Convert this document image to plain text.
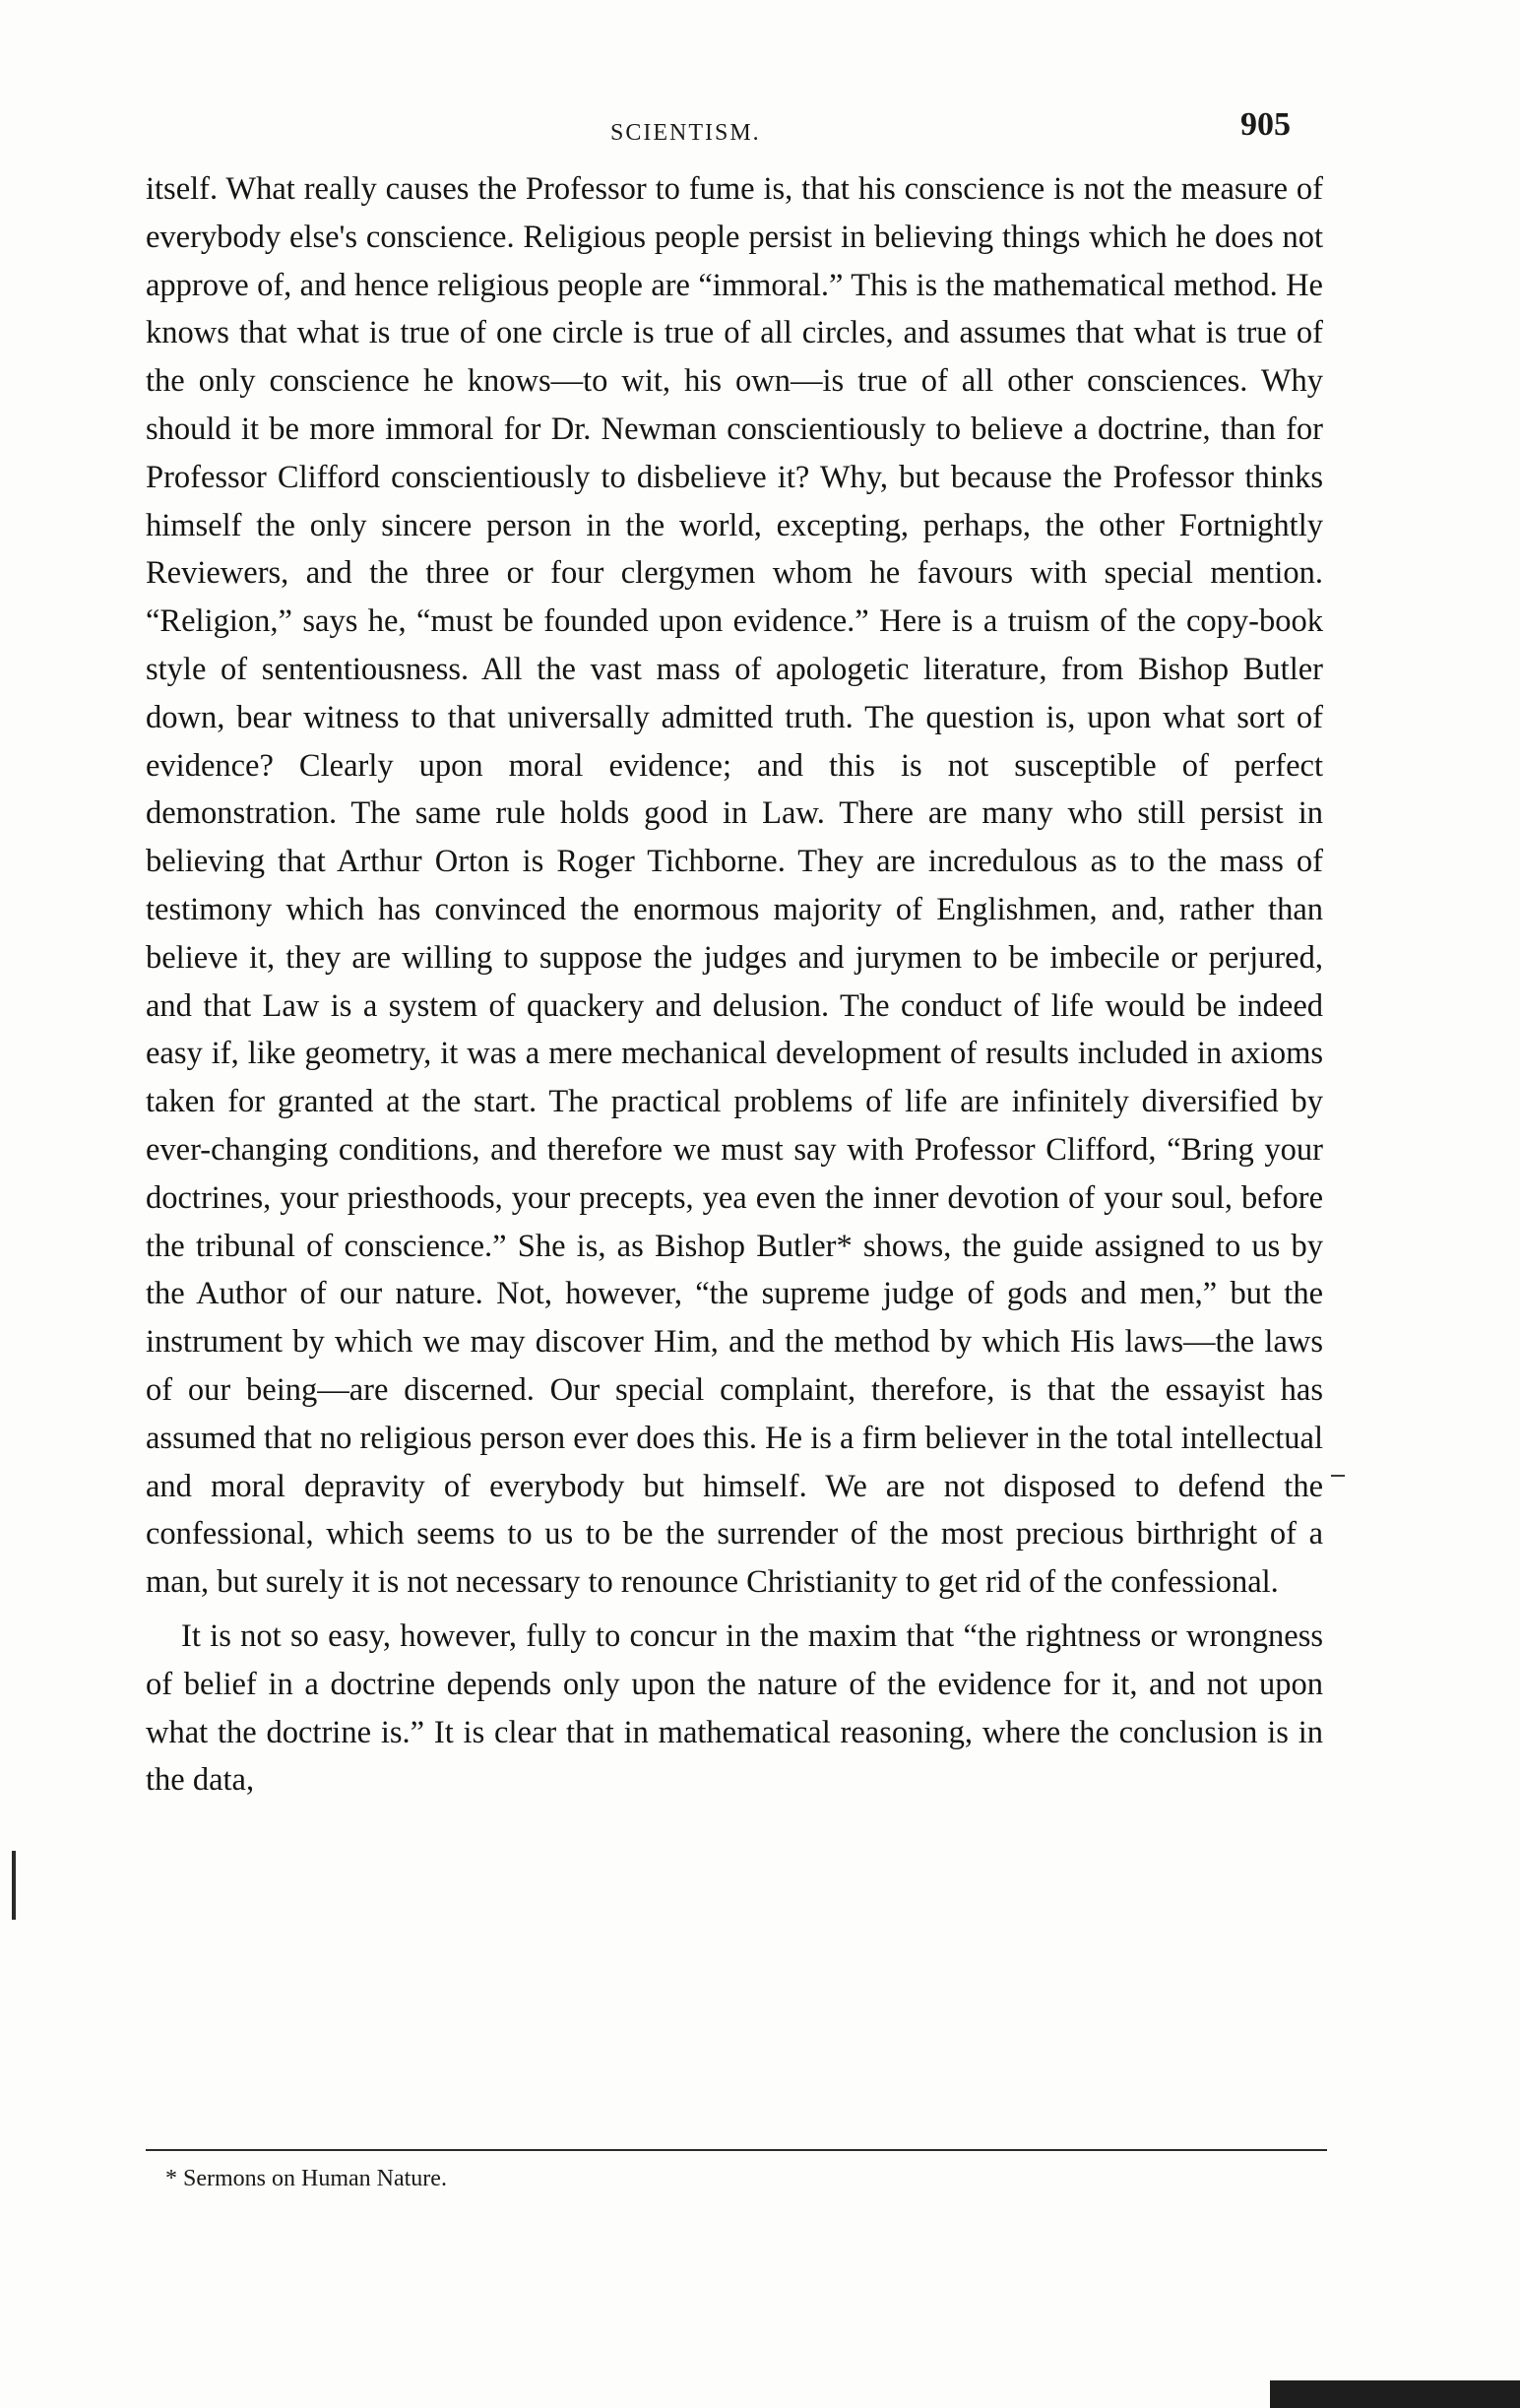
SCIENTISM.	905

itself. What really causes the Professor to fume is, that his conscience is not the measure of everybody else's conscience. Religious people persist in believing things which he does not approve of, and hence religious people are “immoral.” This is the mathematical method. He knows that what is true of one circle is true of all circles, and assumes that what is true of the only conscience he knows—to wit, his own—is true of all other consciences. Why should it be more immoral for Dr. Newman conscientiously to believe a doctrine, than for Professor Clifford conscientiously to disbelieve it? Why, but because the Professor thinks himself the only sincere person in the world, excepting, perhaps, the other Fortnightly Reviewers, and the three or four clergymen whom he favours with special mention. “Religion,” says he, “must be founded upon evidence.” Here is a truism of the copy-book style of sententiousness. All the vast mass of apologetic literature, from Bishop Butler down, bear witness to that universally admitted truth. The question is, upon what sort of evidence? Clearly upon moral evidence; and this is not susceptible of perfect demonstration. The same rule holds good in Law. There are many who still persist in believing that Arthur Orton is Roger Tichborne. They are incredulous as to the mass of testimony which has convinced the enormous majority of Englishmen, and, rather than believe it, they are willing to suppose the judges and jurymen to be imbecile or perjured, and that Law is a system of quackery and delusion. The conduct of life would be indeed easy if, like geometry, it was a mere mechanical development of results included in axioms taken for granted at the start. The practical problems of life are infinitely diversified by ever-changing conditions, and therefore we must say with Professor Clifford, “Bring your doctrines, your priesthoods, your precepts, yea even the inner devotion of your soul, before the tribunal of conscience.” She is, as Bishop Butler* shows, the guide assigned to us by the Author of our nature. Not, however, “the supreme judge of gods and men,” but the instrument by which we may discover Him, and the method by which His laws—the laws of our being—are discerned. Our special complaint, therefore, is that the essayist has assumed that no religious person ever does this. He is a firm believer in the total intellectual and moral depravity of everybody but himself. We are not disposed to defend the confessional, which seems to us to be the surrender of the most precious birthright of a man, but surely it is not necessary to renounce Christianity to get rid of the confessional.

It is not so easy, however, fully to concur in the maxim that “the rightness or wrongness of belief in a doctrine depends only upon the nature of the evidence for it, and not upon what the doctrine is.” It is clear that in mathematical reasoning, where the conclusion is in the data,

* Sermons on Human Nature.
